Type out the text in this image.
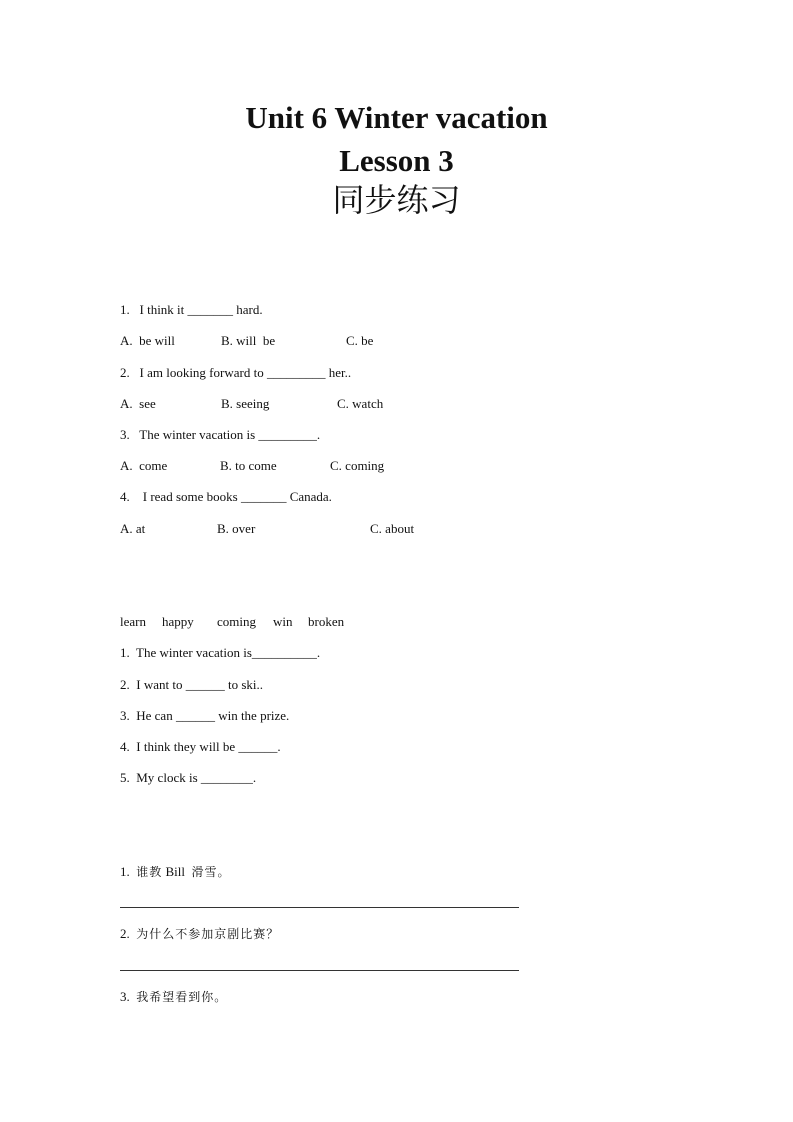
Unit 6 Winter vacation
Lesson 3
同步练习
1.   I think it _______ hard.
A.  be will	B. will  be	C. be
2.   I am looking forward to _________ her..
A.  see	B. seeing	C. watch
3.   The winter vacation is _________.
A.  come	B. to come	C. coming
4.    I read some books _______ Canada.
A. at	B. over	C. about
learn happy coming win broken
1.  The winter vacation is__________.
2.  I want to ______ to ski..
3.  He can ______ win the prize.
4.  I think they will be ______.
5.  My clock is ________.
1. 谁教 Bill 滑雪。
2. 为什么不参加京剧比赛？
3. 我希望看到你。
